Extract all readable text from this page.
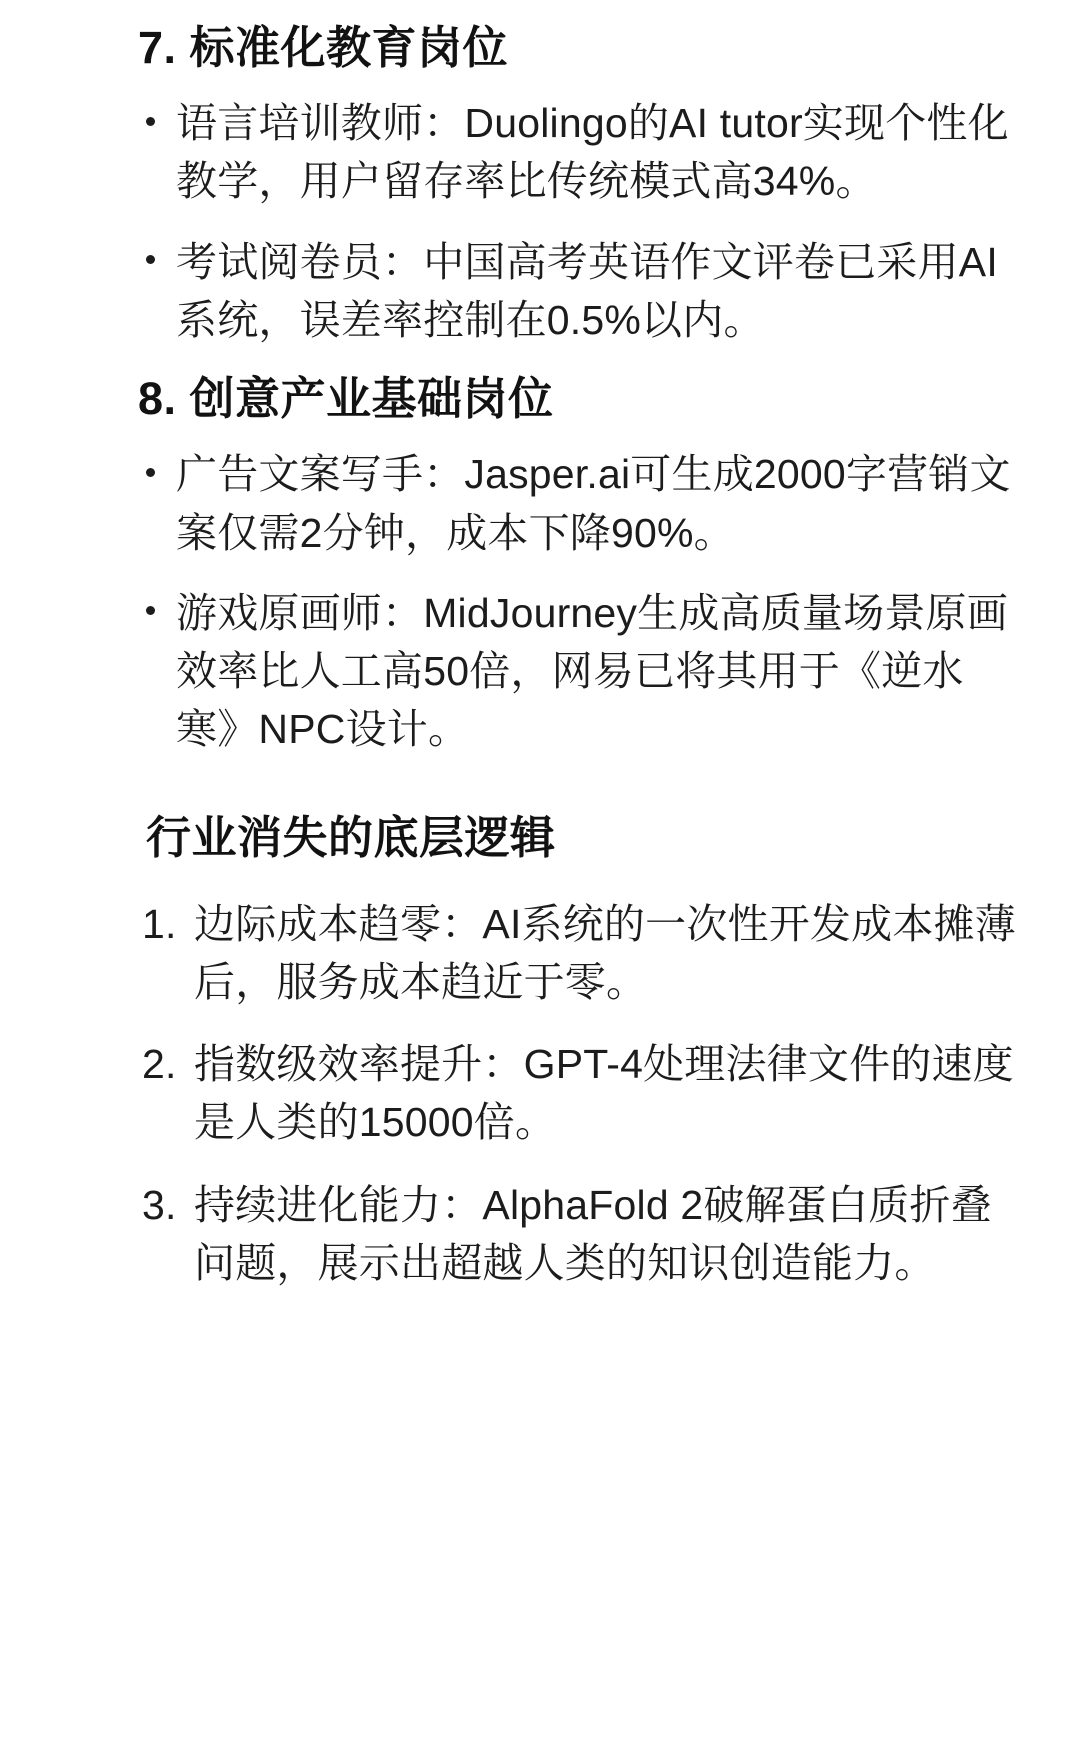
7. 标准化教育岗位
语言培训教师：Duolingo的AI tutor实现个性化教学，用户留存率比传统模式高34%。
考试阅卷员：中国高考英语作文评卷已采用AI系统，误差率控制在0.5%以内。
8. 创意产业基础岗位
广告文案写手：Jasper.ai可生成2000字营销文案仅需2分钟，成本下降90%。
游戏原画师：MidJourney生成高质量场景原画效率比人工高50倍，网易已将其用于《逆水寒》NPC设计。
行业消失的底层逻辑
1. 边际成本趋零：AI系统的一次性开发成本摊薄后，服务成本趋近于零。
2. 指数级效率提升：GPT-4处理法律文件的速度是人类的15000倍。
3. 持续进化能力：AlphaFold 2破解蛋白质折叠问题，展示出超越人类的知识创造能力。
